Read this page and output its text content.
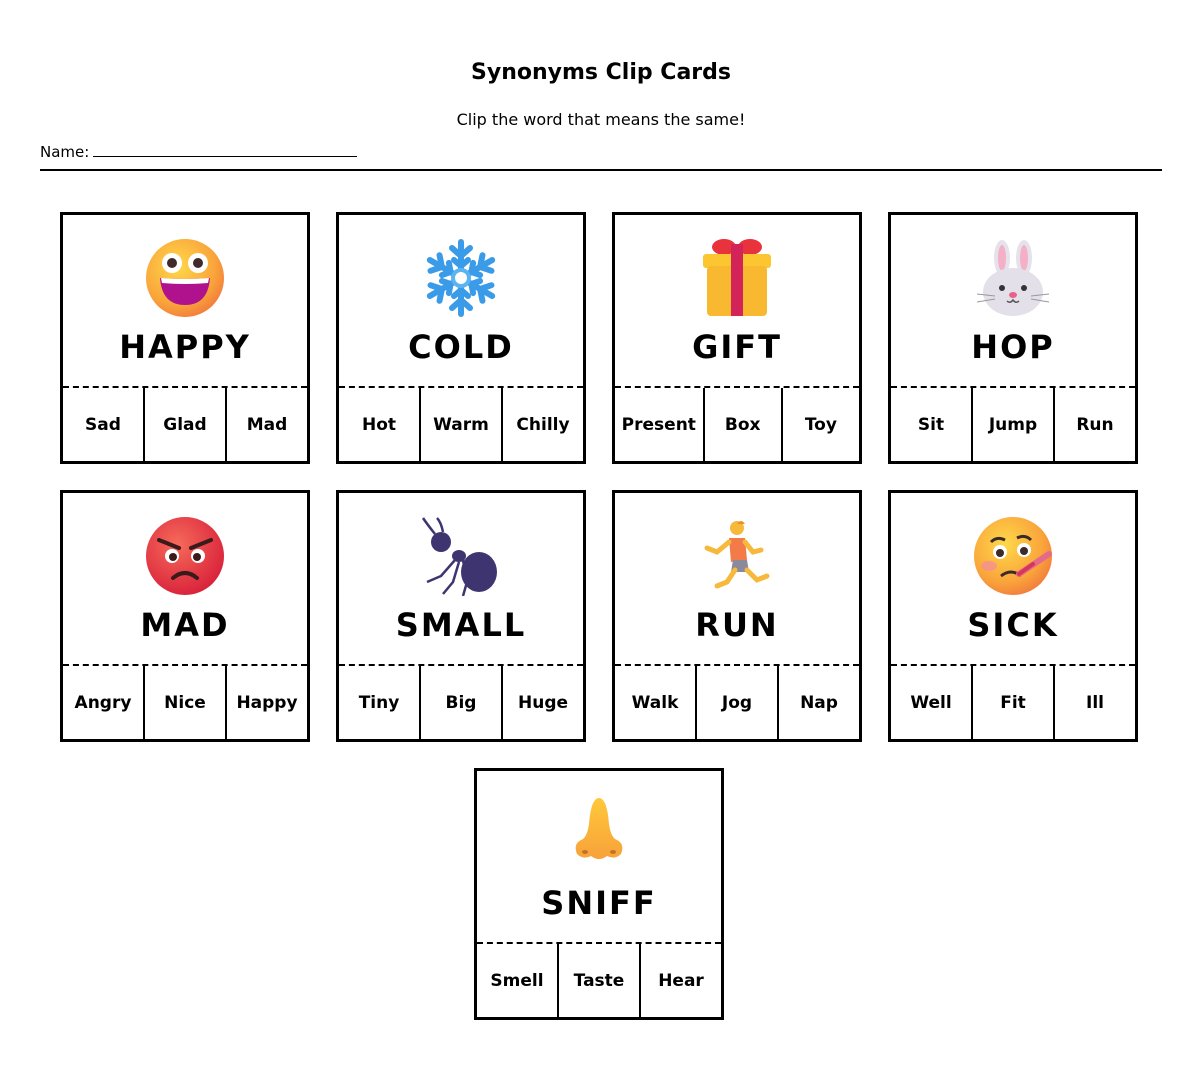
Synonyms Clip Cards
Clip the word that means the same!
Name:
HAPPY
Sad	Glad	Mad
COLD
Hot	Warm	Chilly
GIFT
Present	Box	Toy
HOP
Sit	Jump	Run
MAD
Angry	Nice	Happy
SMALL
Tiny	Big	Huge
RUN
Walk	Jog	Nap
SICK
Well	Fit	Ill
SNIFF
Smell	Taste	Hear
